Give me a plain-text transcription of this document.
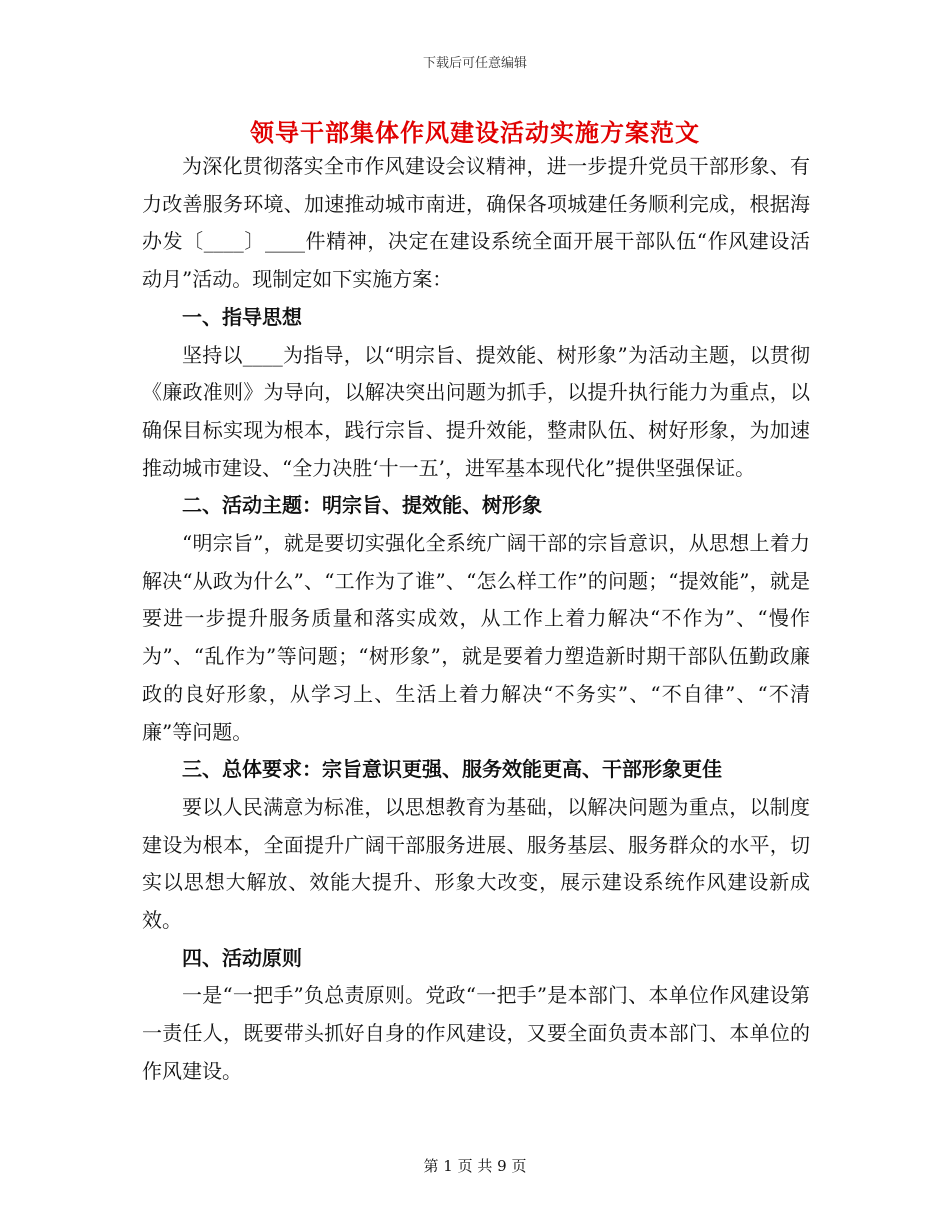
下载后可任意编辑
领导干部集体作风建设活动实施方案范文

为深化贯彻落实全市作风建设会议精神，进一步提升党员干部形象、有力改善服务环境、加速推动城市南进，确保各项城建任务顺利完成，根据海办发〔____〕____件精神，决定在建设系统全面开展干部队伍“作风建设活动月”活动。现制定如下实施方案：

一、指导思想

坚持以____为指导，以“明宗旨、提效能、树形象”为活动主题，以贯彻《廉政准则》为导向，以解决突出问题为抓手，以提升执行能力为重点，以确保目标实现为根本，践行宗旨、提升效能，整肃队伍、树好形象，为加速推动城市建设、“全力决胜‘十一五’，进军基本现代化”提供坚强保证。

二、活动主题：明宗旨、提效能、树形象

“明宗旨”，就是要切实强化全系统广阔干部的宗旨意识，从思想上着力解决“从政为什么”、“工作为了谁”、“怎么样工作”的问题；“提效能”，就是要进一步提升服务质量和落实成效，从工作上着力解决“不作为”、“慢作为”、“乱作为”等问题；“树形象”，就是要着力塑造新时期干部队伍勤政廉政的良好形象，从学习上、生活上着力解决“不务实”、“不自律”、“不清廉”等问题。

三、总体要求：宗旨意识更强、服务效能更高、干部形象更佳

要以人民满意为标准，以思想教育为基础，以解决问题为重点，以制度建设为根本，全面提升广阔干部服务进展、服务基层、服务群众的水平，切实以思想大解放、效能大提升、形象大改变，展示建设系统作风建设新成效。

四、活动原则

一是“一把手”负总责原则。党政“一把手”是本部门、本单位作风建设第一责任人，既要带头抓好自身的作风建设，又要全面负责本部门、本单位的作风建设。

第 1 页 共 9 页
